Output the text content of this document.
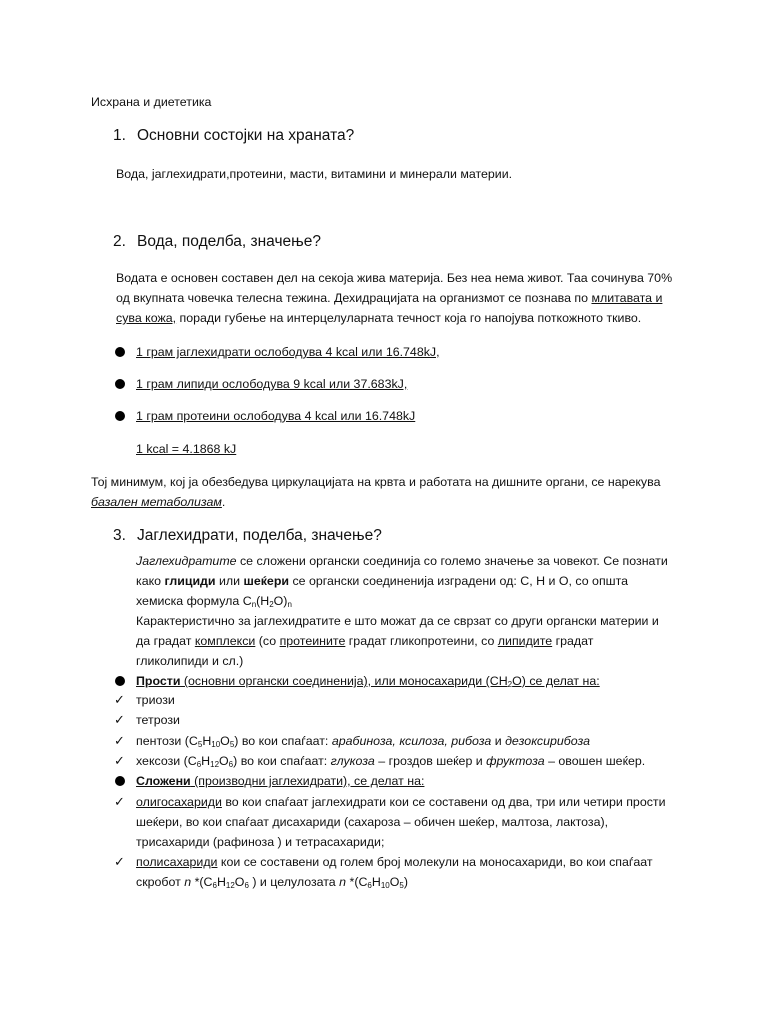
Исхрана и диететика
1. Основни состојки на храната?
Вода, јаглехидрати,протеини, масти, витамини и минерали материи.
2. Вода, поделба, значење?
Водата е основен составен дел на секоја жива материја. Без неа нема живот. Таа сочинува 70%
од вкупната човечка телесна тежина. Дехидрацијата на организмот се познава по млитавата и
сува кожа, поради губење на интерцелуларната течност која го напојува поткожното ткиво.
1 грам јаглехидрати ослободува 4 kcal или 16.748kJ,
1 грам липиди ослободува 9 kcal или 37.683kJ,
1 грам протеини ослободува 4 kcal или 16.748kJ
1 kcal = 4.1868 kJ
Тој минимум, кој ја обезбедува циркулацијата на крвта и работата на дишните органи, се нарекува
базален метаболизам.
3. Јаглехидрати, поделба, значење?
Јаглехидратите се сложени органски соединија со големо значење за човекот. Се познати
како глициди или шеќери се органски соединенија изградени од: C, H и O, со општа
хемиска формула $C_n(H_2O)_n$
Карактеристично за јаглехидратите е што можат да се сврзат со други органски материи и
да градат комплекси (со протеините градат гликопротеини, со липидите градат
гликолипиди и сл.)
Прости (основни органски соединенија), или моносахариди $(CH_2O)$ се делат на:
✓ триози
✓ тетрози
✓ пентози $(C_5H_{10}O_5)$ во кои спаѓаат: арабиноза, ксилоза, рибоза и дезоксирибоза
✓ хексози $(C_6H_{12}O_6)$ во кои спаѓаат: глукоза – гроздов шеќер и фруктоза – овошен шеќер.
Сложени (производни јаглехидрати), се делат на:
✓ олигосахариди во кои спаѓаат јаглехидрати кои се составени од два, три или четири прости
шеќери, во кои спаѓаат дисахариди (сахароза – обичен шеќер, малтоза, лактоза),
трисахариди (рафиноза ) и тетрасахариди;
✓ полисахариди кои се составени од голем број молекули на моносахариди, во кои спаѓаат
скробот n $*(C_6H_{12}O_6$ ) и целулозата n $*(C_6H_{10}O_5)$
